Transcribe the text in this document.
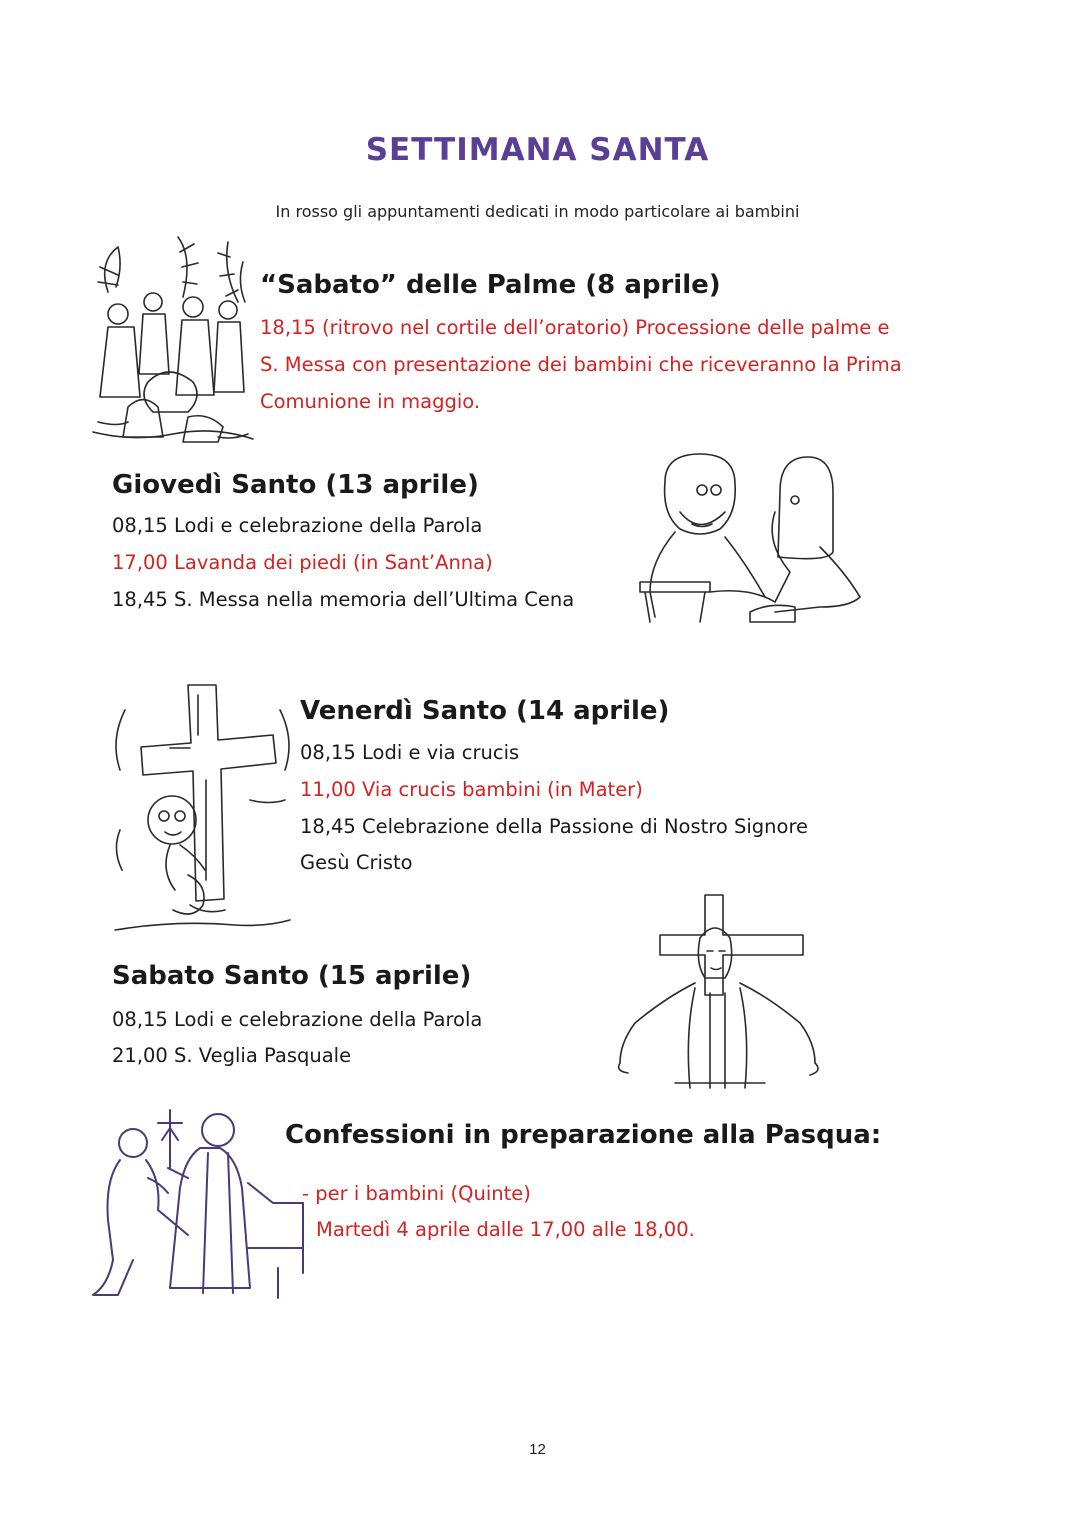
SETTIMANA SANTA
In rosso gli appuntamenti dedicati in modo particolare ai bambini
“Sabato” delle Palme (8 aprile)
18,15 (ritrovo nel cortile dell’oratorio) Processione delle palme e
S. Messa con presentazione dei bambini che riceveranno la Prima
Comunione in maggio.
Giovedì Santo (13 aprile)
08,15 Lodi e celebrazione della Parola
17,00 Lavanda dei piedi (in Sant’Anna)
18,45 S. Messa nella memoria dell’Ultima Cena
Venerdì Santo (14 aprile)
08,15 Lodi e via crucis
11,00 Via crucis bambini (in Mater)
18,45 Celebrazione della Passione di Nostro Signore
Gesù Cristo
Sabato Santo (15 aprile)
08,15 Lodi e celebrazione della Parola
21,00 S. Veglia Pasquale
Confessioni in preparazione alla Pasqua:
- per i bambini (Quinte)
Martedì 4 aprile dalle 17,00 alle 18,00.
12
